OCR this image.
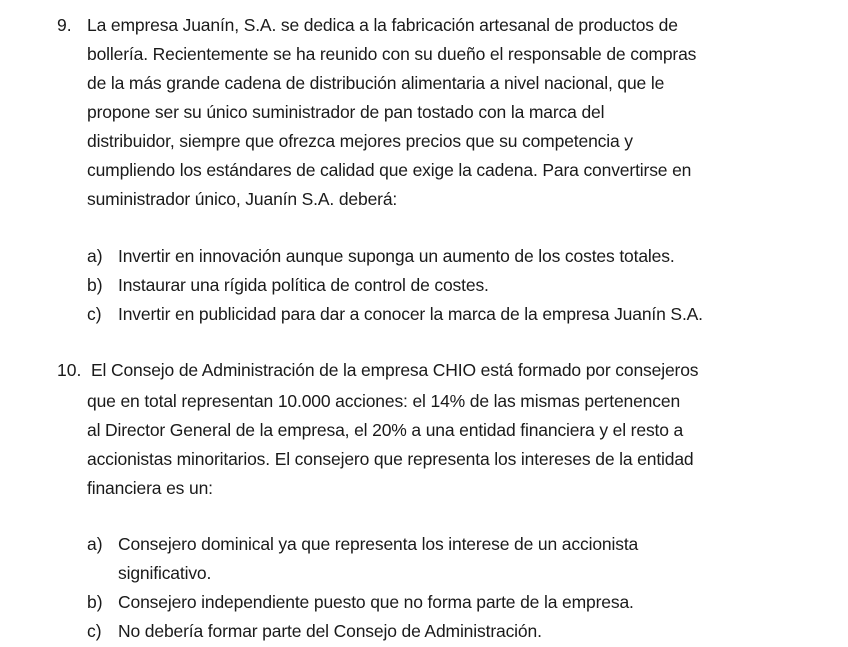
9. La empresa Juanín, S.A. se dedica a la fabricación artesanal de productos de
bollería. Recientemente se ha reunido con su dueño el responsable de compras
de la más grande cadena de distribución alimentaria a nivel nacional, que le
propone ser su único suministrador de pan tostado con la marca del
distribuidor, siempre que ofrezca mejores precios que su competencia y
cumpliendo los estándares de calidad que exige la cadena. Para convertirse en
suministrador único, Juanín S.A. deberá:
a) Invertir en innovación aunque suponga un aumento de los costes totales.
b) Instaurar una rígida política de control de costes.
c) Invertir en publicidad para dar a conocer la marca de la empresa Juanín S.A.
10. El Consejo de Administración de la empresa CHIO está formado por consejeros
que en total representan 10.000 acciones: el 14% de las mismas pertenencen
al Director General de la empresa, el 20% a una entidad financiera y el resto a
accionistas minoritarios. El consejero que representa los intereses de la entidad
financiera es un:
a) Consejero dominical ya que representa los interese de un accionista
significativo.
b) Consejero independiente puesto que no forma parte de la empresa.
c) No debería formar parte del Consejo de Administración.
